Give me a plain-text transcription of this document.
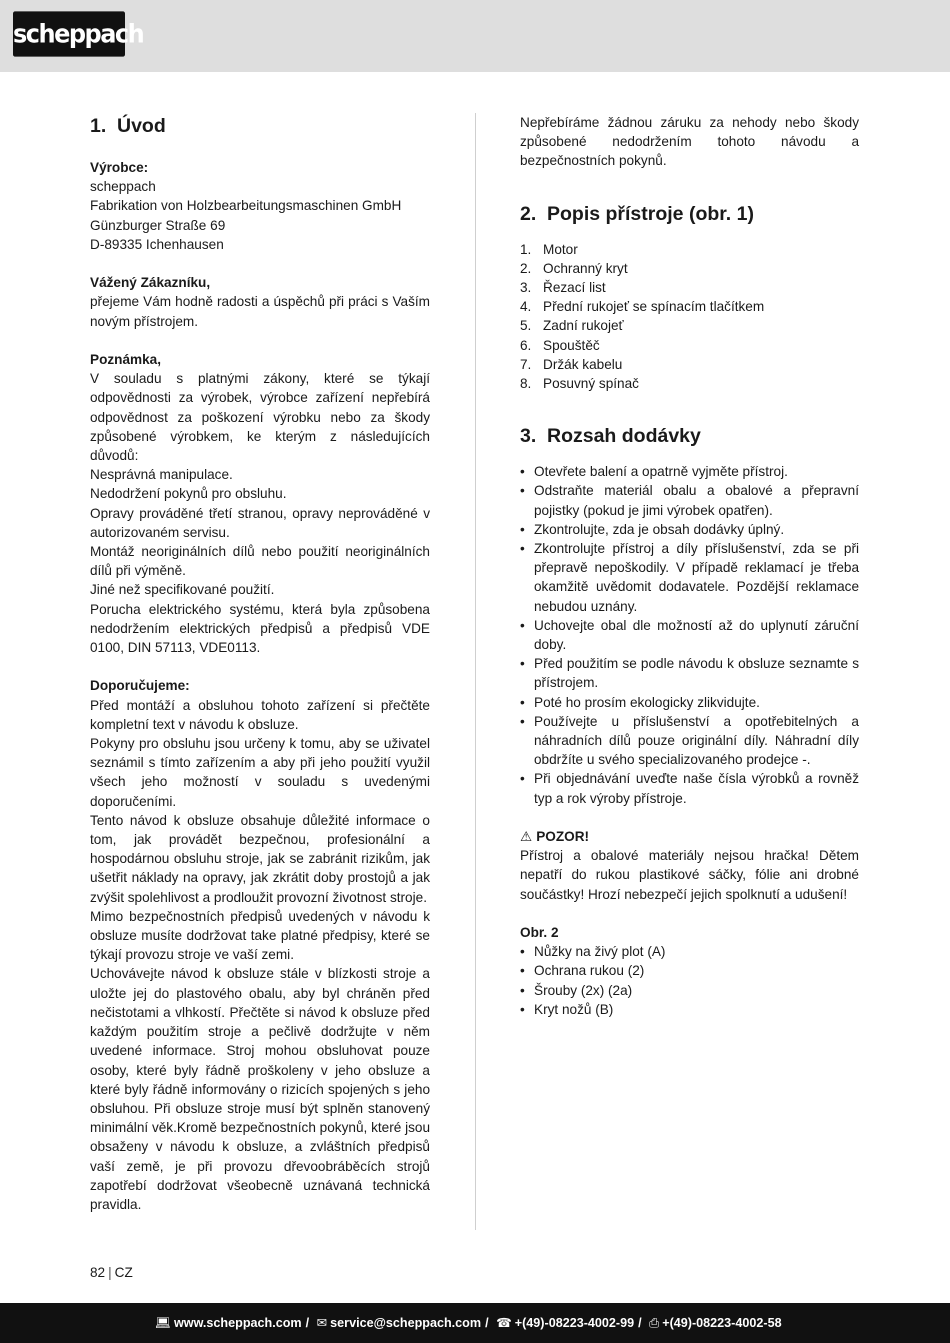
scheppach
1. Úvod
Výrobce:
scheppach
Fabrikation von Holzbearbeitungsmaschinen GmbH
Günzburger Straße 69
D-89335 Ichenhausen
Vážený Zákazníku,
přejeme Vám hodně radosti a úspěchů při práci s Vaším novým přístrojem.
Poznámka,
V souladu s platnými zákony, které se týkají odpovědnosti za výrobek, výrobce zařízení nepřebírá odpovědnost za poškození výrobku nebo za škody způsobené výrobkem, ke kterým z následujících důvodů:
Nesprávná manipulace.
Nedodržení pokynů pro obsluhu.
Opravy prováděné třetí stranou, opravy neprováděné v autorizovaném servisu.
Montáž neoriginálních dílů nebo použití neoriginálních dílů při výměně.
Jiné než specifikované použití.
Porucha elektrického systému, která byla způsobena nedodržením elektrických předpisů a předpisů VDE 0100, DIN 57113, VDE0113.
Doporučujeme:
Před montáží a obsluhou tohoto zařízení si přečtěte kompletní text v návodu k obsluze.
Pokyny pro obsluhu jsou určeny k tomu, aby se uživatel seznámil s tímto zařízením a aby při jeho použití využil všech jeho možností v souladu s uvedenými doporučeními.
Tento návod k obsluze obsahuje důležité informace o tom, jak provádět bezpečnou, profesionální a hospodárnou obsluhu stroje, jak se zabránit rizikům, jak ušetřit náklady na opravy, jak zkrátit doby prostojů a jak zvýšit spolehlivost a prodloužit provozní životnost stroje.
Mimo bezpečnostních předpisů uvedených v návodu k obsluze musíte dodržovat take platné předpisy, které se týkají provozu stroje ve vaší zemi.
Uchovávejte návod k obsluze stále v blízkosti stroje a uložte jej do plastového obalu, aby byl chráněn před nečistotami a vlhkostí. Přečtěte si návod k obsluze před každým použitím stroje a pečlivě dodržujte v něm uvedené informace. Stroj mohou obsluhovat pouze osoby, které byly řádně proškoleny v jeho obsluze a které byly řádně informovány o rizicích spojených s jeho obsluhou. Při obsluze stroje musí být splněn stanovený minimální věk.Kromě bezpečnostních pokynů, které jsou obsaženy v návodu k obsluze, a zvláštních předpisů vaší země, je při provozu dřevoobráběcích strojů zapotřebí dodržovat všeobecně uznávaná technická pravidla.
Nepřebíráme žádnou záruku za nehody nebo škody způsobené nedodržením tohoto návodu a bezpečnostních pokynů.
2. Popis přístroje (obr. 1)
1. Motor
2. Ochranný kryt
3. Řezací list
4. Přední rukojeť se spínacím tlačítkem
5. Zadní rukojeť
6. Spouštěč
7. Držák kabelu
8. Posuvný spínač
3. Rozsah dodávky
• Otevřete balení a opatrně vyjměte přístroj.
• Odstraňte materiál obalu a obalové a přepravní pojistky (pokud je jimi výrobek opatřen).
• Zkontrolujte, zda je obsah dodávky úplný.
• Zkontrolujte přístroj a díly příslušenství, zda se při přepravě nepoškodily. V případě reklamací je třeba okamžitě uvědomit dodavatele. Pozdější reklamace nebudou uznány.
• Uchovejte obal dle možností až do uplynutí záruční doby.
• Před použitím se podle návodu k obsluze seznamte s přístrojem.
• Poté ho prosím ekologicky zlikvidujte.
• Používejte u příslušenství a opotřebitelných a náhradních dílů pouze originální díly. Náhradní díly obdržíte u svého specializovaného prodejce -.
• Při objednávání uveďte naše čísla výrobků a rovněž typ a rok výroby přístroje.
⚠ POZOR!
Přístroj a obalové materiály nejsou hračka! Dětem nepatří do rukou plastikové sáčky, fólie ani drobné součástky! Hrozí nebezpečí jejich spolknutí a udušení!
Obr. 2
• Nůžky na živý plot (A)
• Ochrana rukou (2)
• Šrouby (2x) (2a)
• Kryt nožů (B)
82 | CZ
💻︎ www.scheppach.com / ✉ service@scheppach.com / ☎ +(49)-08223-4002-99 / ⎙ +(49)-08223-4002-58
